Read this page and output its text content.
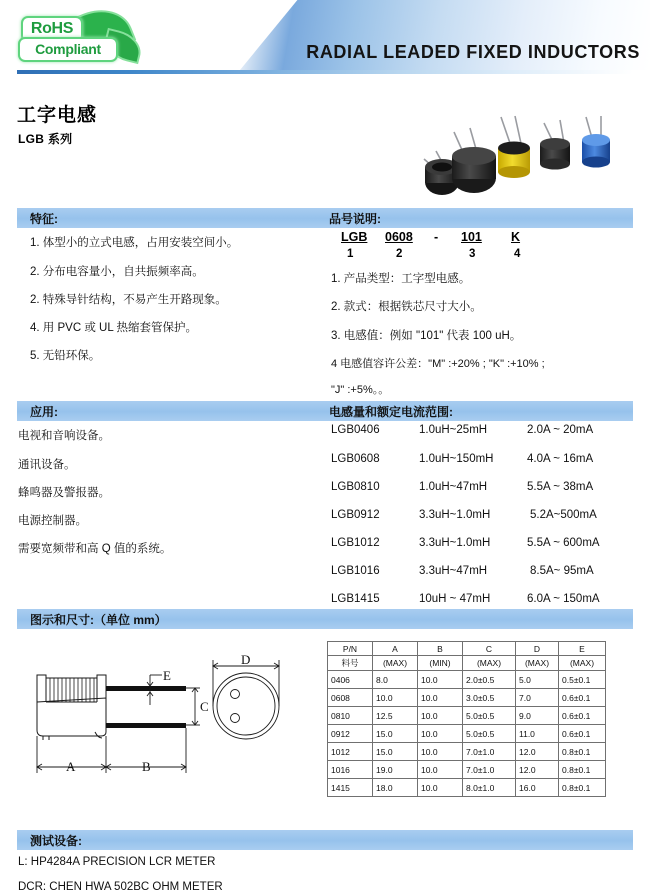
RADIAL LEADED FIXED INDUCTORS
RoHS
Compliant
工字电感
LGB 系列
特征:	品号说明:
1. 体型小的立式电感，占用安装空间小。
2. 分布电容量小，自共振频率高。
2. 特殊导针结构，不易产生开路现象。
4. 用 PVC 或 UL 热缩套管保护。
5. 无铅环保。
LGB 0608 - 101 K
1	2	3	4
1. 产品类型：工字型电感。
2. 款式：根据铁芯尺寸大小。
3. 电感值：例如 "101" 代表 100 uH。
4 电感值容许公差："M" :+20% ; "K" :+10% ;
"J" :+5%。。
应用:	电感量和额定电流范围:
电视和音响设备。
通讯设备。
蜂鸣器及警报器。
电源控制器。
需要宽频带和高 Q 值的系统。
LGB0406	1.0uH~25mH	2.0A ~ 20mA
LGB0608	1.0uH~150mH	4.0A ~ 16mA
LGB0810	1.0uH~47mH	5.5A ~ 38mA
LGB0912	3.3uH~1.0mH	5.2A~500mA
LGB1012	3.3uH~1.0mH	5.5A ~ 600mA
LGB1016	3.3uH~47mH	8.5A~ 95mA
LGB1415	10uH ~ 47mH	6.0A ~ 150mA
图示和尺寸:（单位 mm）
A	B
C
D
E
P/N	A	B	C	D	E
料号	(MAX)	(MIN)	(MAX)	(MAX)	(MAX)
0406	8.0	10.0	2.0±0.5	5.0	0.5±0.1
0608	10.0	10.0	3.0±0.5	7.0	0.6±0.1
0810	12.5	10.0	5.0±0.5	9.0	0.6±0.1
0912	15.0	10.0	5.0±0.5	11.0	0.6±0.1
1012	15.0	10.0	7.0±1.0	12.0	0.8±0.1
1016	19.0	10.0	7.0±1.0	12.0	0.8±0.1
1415	18.0	10.0	8.0±1.0	16.0	0.8±0.1
测试设备:
L: HP4284A PRECISION LCR METER
DCR: CHEN HWA 502BC OHM METER
